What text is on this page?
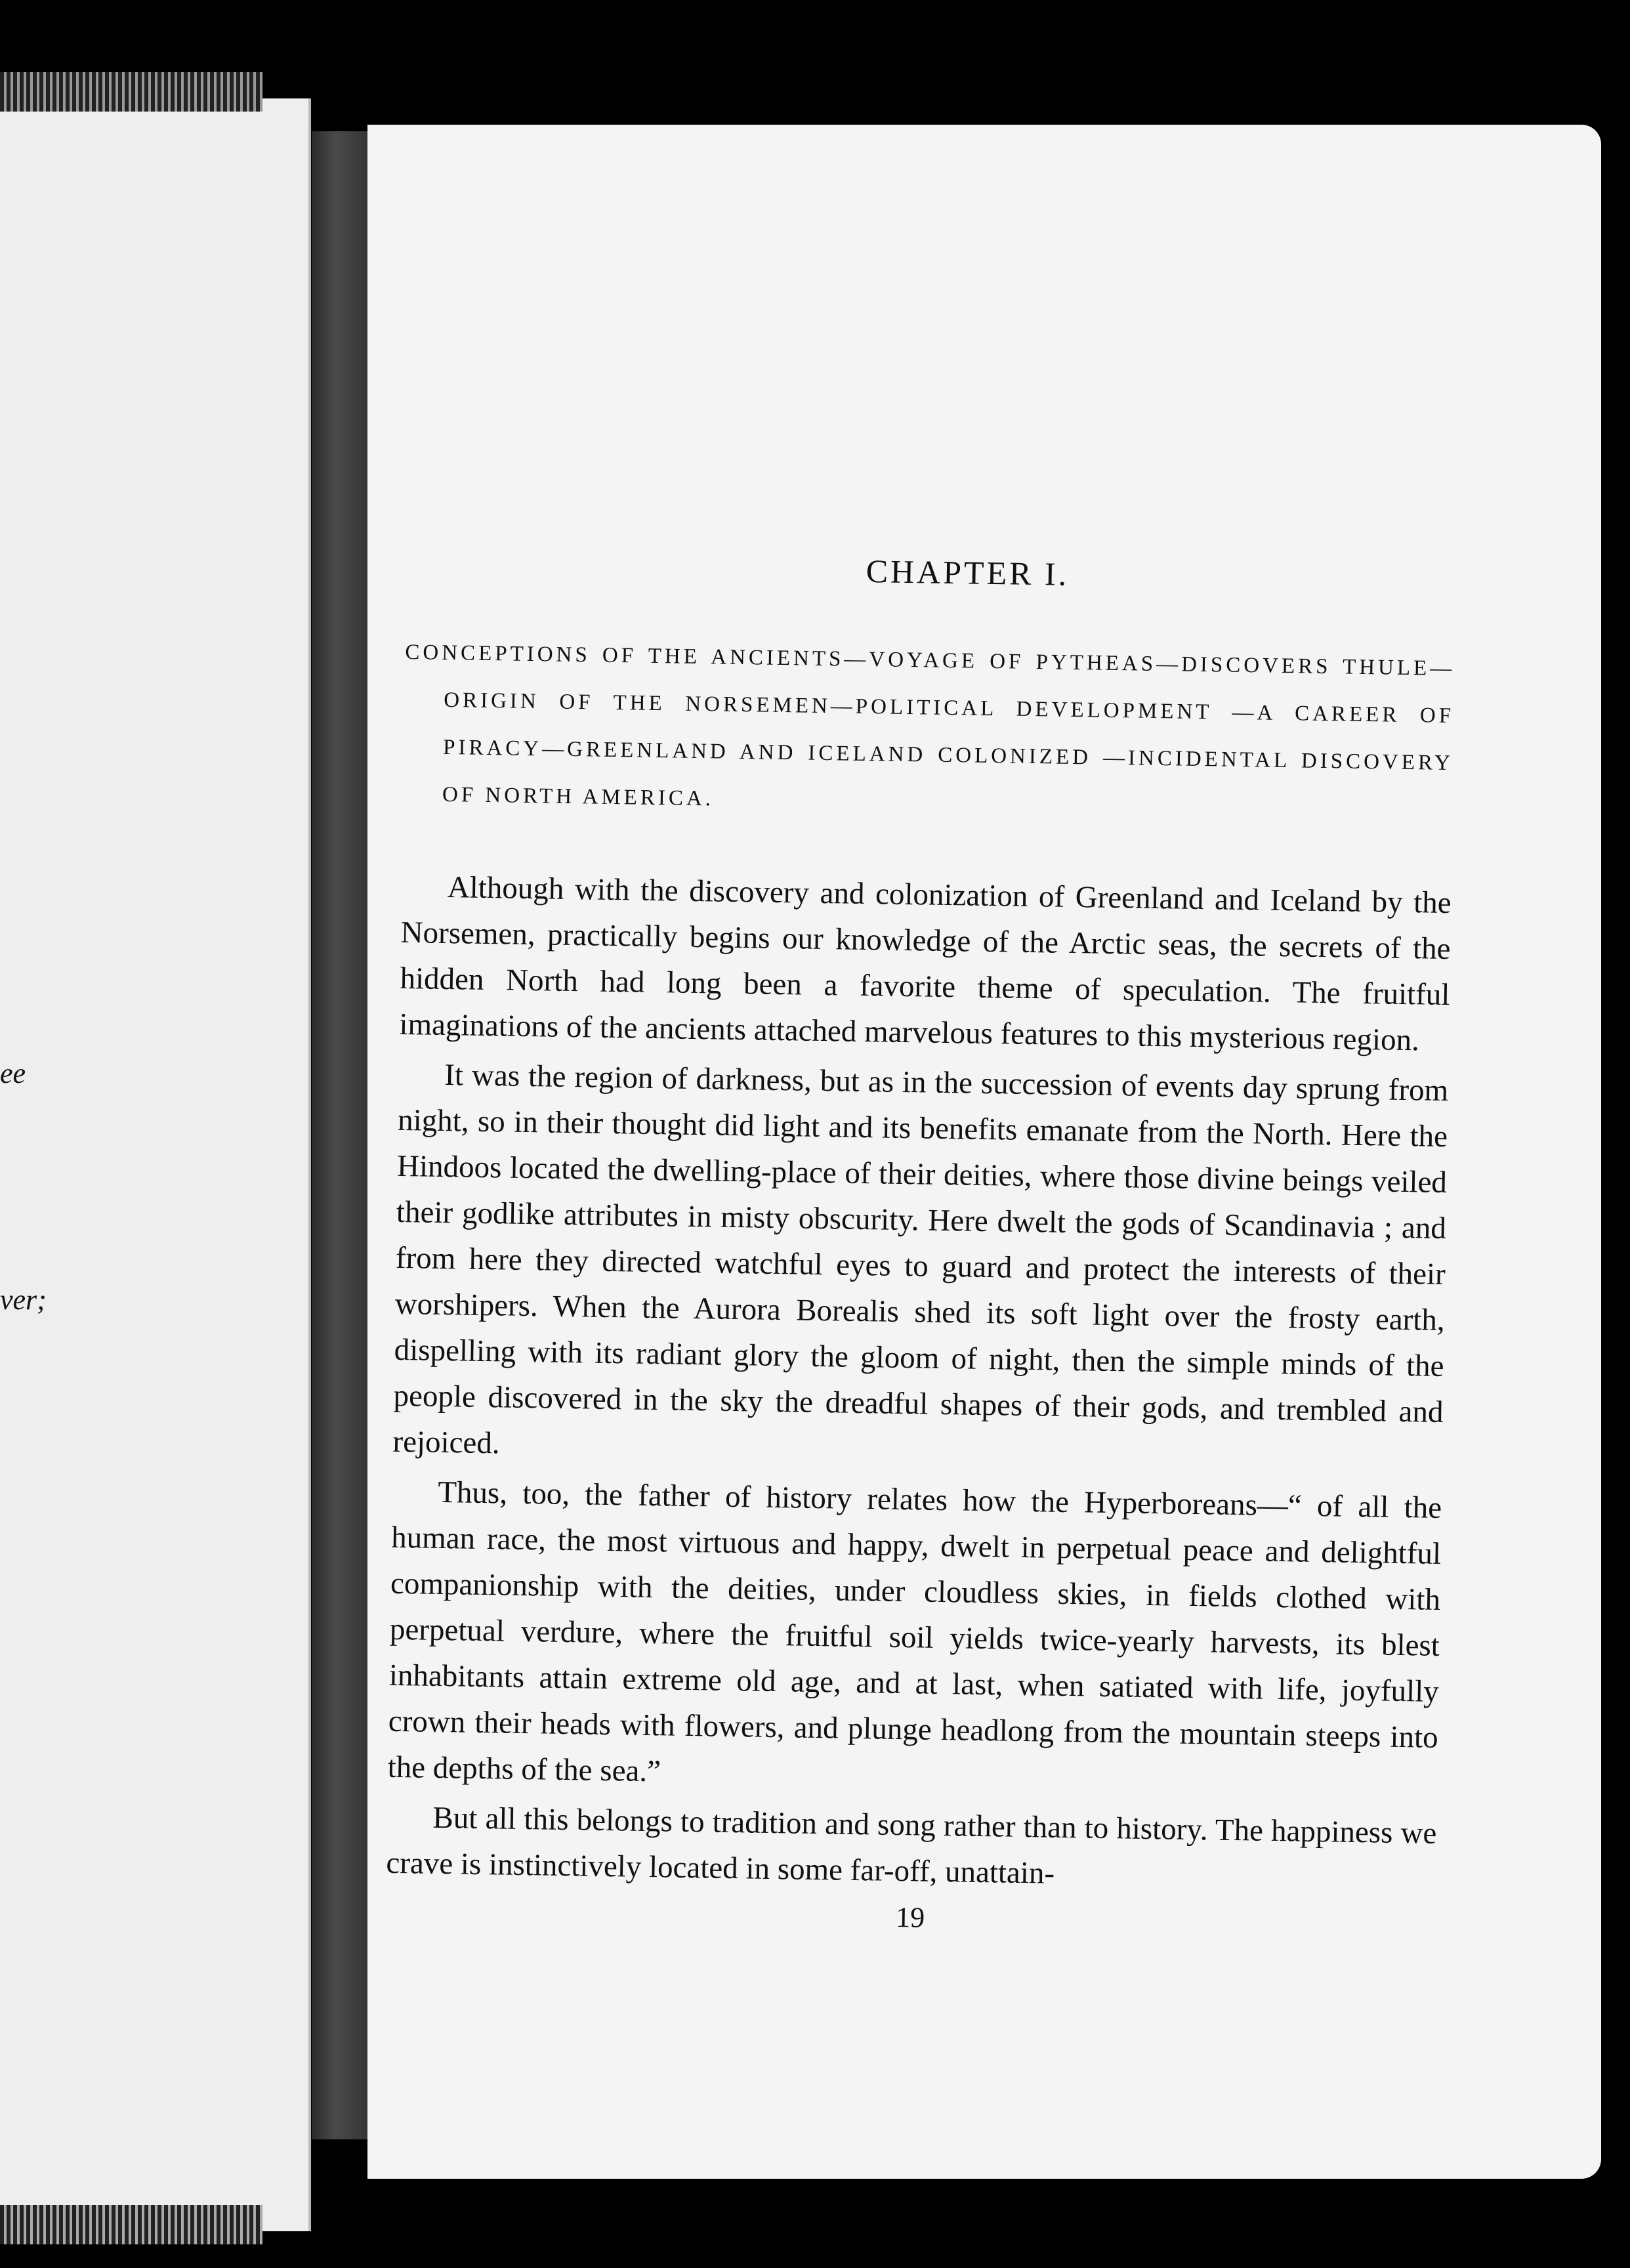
ee
ver;
CHAPTER I.
CONCEPTIONS OF THE ANCIENTS—VOYAGE OF PYTHEAS—DISCOVERS THULE—ORIGIN OF THE NORSEMEN—POLITICAL DEVELOPMENT —A CAREER OF PIRACY—GREENLAND AND ICELAND COLONIZED —INCIDENTAL DISCOVERY OF NORTH AMERICA.

Although with the discovery and colonization of Greenland and Iceland by the Norsemen, practically begins our knowledge of the Arctic seas, the secrets of the hidden North had long been a favorite theme of speculation. The fruitful imaginations of the ancients attached marvelous features to this mysterious region.

It was the region of darkness, but as in the succession of events day sprung from night, so in their thought did light and its benefits emanate from the North. Here the Hindoos located the dwelling-place of their deities, where those divine beings veiled their godlike attributes in misty obscurity. Here dwelt the gods of Scandinavia ; and from here they directed watchful eyes to guard and protect the interests of their worshipers. When the Aurora Borealis shed its soft light over the frosty earth, dispelling with its radiant glory the gloom of night, then the simple minds of the people discovered in the sky the dreadful shapes of their gods, and trembled and rejoiced.

Thus, too, the father of history relates how the Hyperboreans—“ of all the human race, the most virtuous and happy, dwelt in perpetual peace and delightful companionship with the deities, under cloudless skies, in fields clothed with perpetual verdure, where the fruitful soil yields twice-yearly harvests, its blest inhabitants attain extreme old age, and at last, when satiated with life, joyfully crown their heads with flowers, and plunge headlong from the mountain steeps into the depths of the sea.”

But all this belongs to tradition and song rather than to history. The happiness we crave is instinctively located in some far-off, unattain-

19
